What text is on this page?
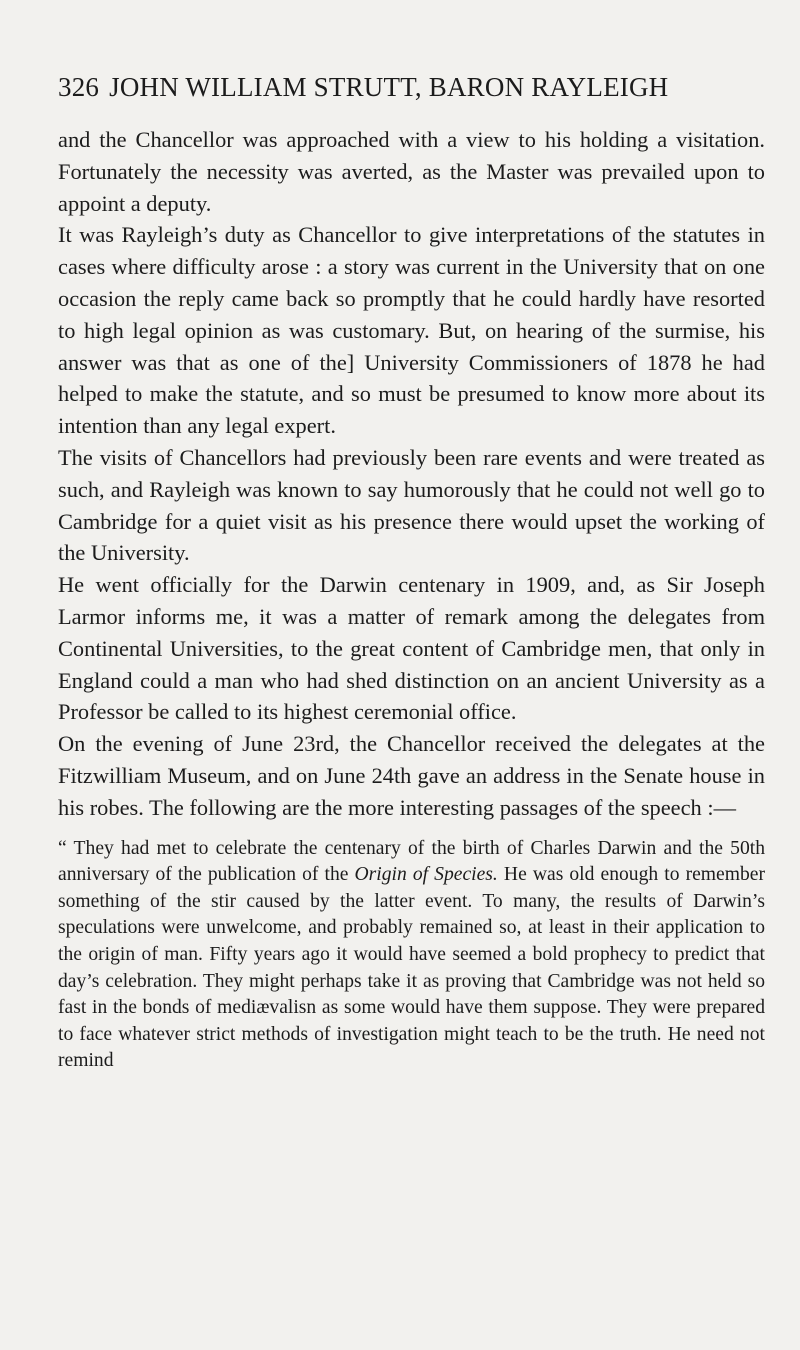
326 JOHN WILLIAM STRUTT, BARON RAYLEIGH

and the Chancellor was approached with a view to his holding a visitation. Fortunately the necessity was averted, as the Master was prevailed upon to appoint a deputy.

It was Rayleigh’s duty as Chancellor to give interpretations of the statutes in cases where difficulty arose : a story was current in the University that on one occasion the reply came back so promptly that he could hardly have resorted to high legal opinion as was customary. But, on hearing of the surmise, his answer was that as one of the] University Commissioners of 1878 he had helped to make the statute, and so must be presumed to know more about its intention than any legal expert.

The visits of Chancellors had previously been rare events and were treated as such, and Rayleigh was known to say humorously that he could not well go to Cambridge for a quiet visit as his presence there would upset the working of the University.

He went officially for the Darwin centenary in 1909, and, as Sir Joseph Larmor informs me, it was a matter of remark among the delegates from Continental Universities, to the great content of Cambridge men, that only in England could a man who had shed distinction on an ancient University as a Professor be called to its highest ceremonial office.

On the evening of June 23rd, the Chancellor received the delegates at the Fitzwilliam Museum, and on June 24th gave an address in the Senate house in his robes. The following are the more interesting passages of the speech :—

“ They had met to celebrate the centenary of the birth of Charles Darwin and the 50th anniversary of the publication of the Origin of Species. He was old enough to remember something of the stir caused by the latter event. To many, the results of Darwin’s speculations were unwelcome, and probably remained so, at least in their application to the origin of man. Fifty years ago it would have seemed a bold prophecy to predict that day’s celebration. They might perhaps take it as proving that Cambridge was not held so fast in the bonds of mediævalisn as some would have them suppose. They were prepared to face whatever strict methods of investigation might teach to be the truth. He need not remind
